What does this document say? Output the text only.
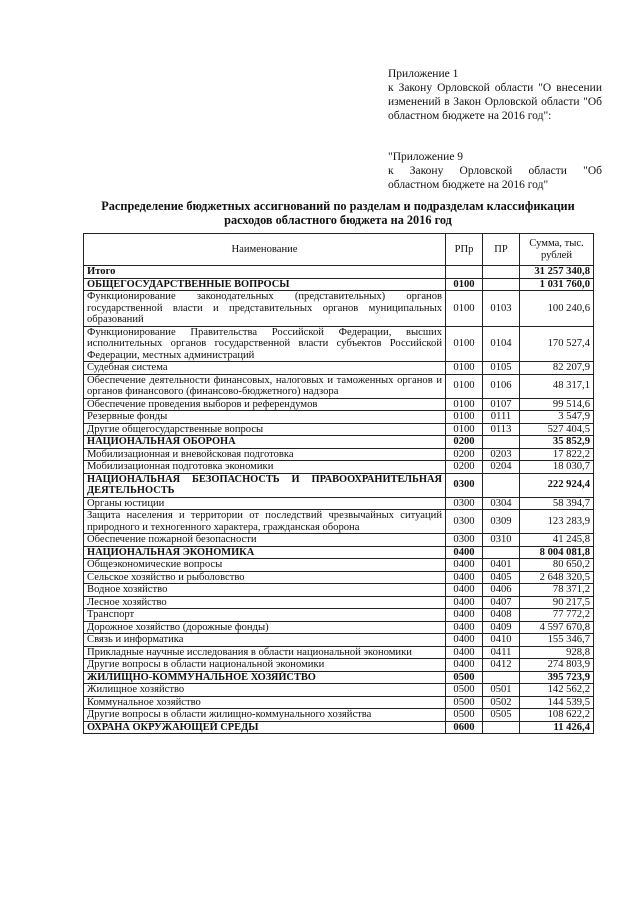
Приложение 1

к Закону Орловской области "О внесении изменений в Закон Орловской области "Об областном бюджете на 2016 год":

"Приложение 9

к Закону Орловской области "Об областном бюджете на 2016 год"

Распределение бюджетных ассигнований по разделам и подразделам классификации расходов областного бюджета на 2016 год
Наименование	РПр	ПР	Сумма, тыс. рублей
Итого			31 257 340,8
ОБЩЕГОСУДАРСТВЕННЫЕ ВОПРОСЫ	0100		1 031 760,0
Функционирование законодательных (представительных) органов государственной власти и представительных органов муниципальных образований	0100	0103	100 240,6
Функционирование Правительства Российской Федерации, высших исполнительных органов государственной власти субъектов Российской Федерации, местных администраций	0100	0104	170 527,4
Судебная система	0100	0105	82 207,9
Обеспечение деятельности финансовых, налоговых и таможенных органов и органов финансового (финансово-бюджетного) надзора	0100	0106	48 317,1
Обеспечение проведения выборов и референдумов	0100	0107	99 514,6
Резервные фонды	0100	0111	3 547,9
Другие общегосударственные вопросы	0100	0113	527 404,5
НАЦИОНАЛЬНАЯ ОБОРОНА	0200		35 852,9
Мобилизационная и вневойсковая подготовка	0200	0203	17 822,2
Мобилизационная подготовка экономики	0200	0204	18 030,7
НАЦИОНАЛЬНАЯ БЕЗОПАСНОСТЬ И ПРАВООХРАНИТЕЛЬНАЯ ДЕЯТЕЛЬНОСТЬ	0300		222 924,4
Органы юстиции	0300	0304	58 394,7
Защита населения и территории от последствий чрезвычайных ситуаций природного и техногенного характера, гражданская оборона	0300	0309	123 283,9
Обеспечение пожарной безопасности	0300	0310	41 245,8
НАЦИОНАЛЬНАЯ ЭКОНОМИКА	0400		8 004 081,8
Общеэкономические вопросы	0400	0401	80 650,2
Сельское хозяйство и рыболовство	0400	0405	2 648 320,5
Водное хозяйство	0400	0406	78 371,2
Лесное хозяйство	0400	0407	90 217,5
Транспорт	0400	0408	77 772,2
Дорожное хозяйство (дорожные фонды)	0400	0409	4 597 670,8
Связь и информатика	0400	0410	155 346,7
Прикладные научные исследования в области национальной экономики	0400	0411	928,8
Другие вопросы в области национальной экономики	0400	0412	274 803,9
ЖИЛИЩНО-КОММУНАЛЬНОЕ ХОЗЯЙСТВО	0500		395 723,9
Жилищное хозяйство	0500	0501	142 562,2
Коммунальное хозяйство	0500	0502	144 539,5
Другие вопросы в области жилищно-коммунального хозяйства	0500	0505	108 622,2
ОХРАНА ОКРУЖАЮЩЕЙ СРЕДЫ	0600		11 426,4
